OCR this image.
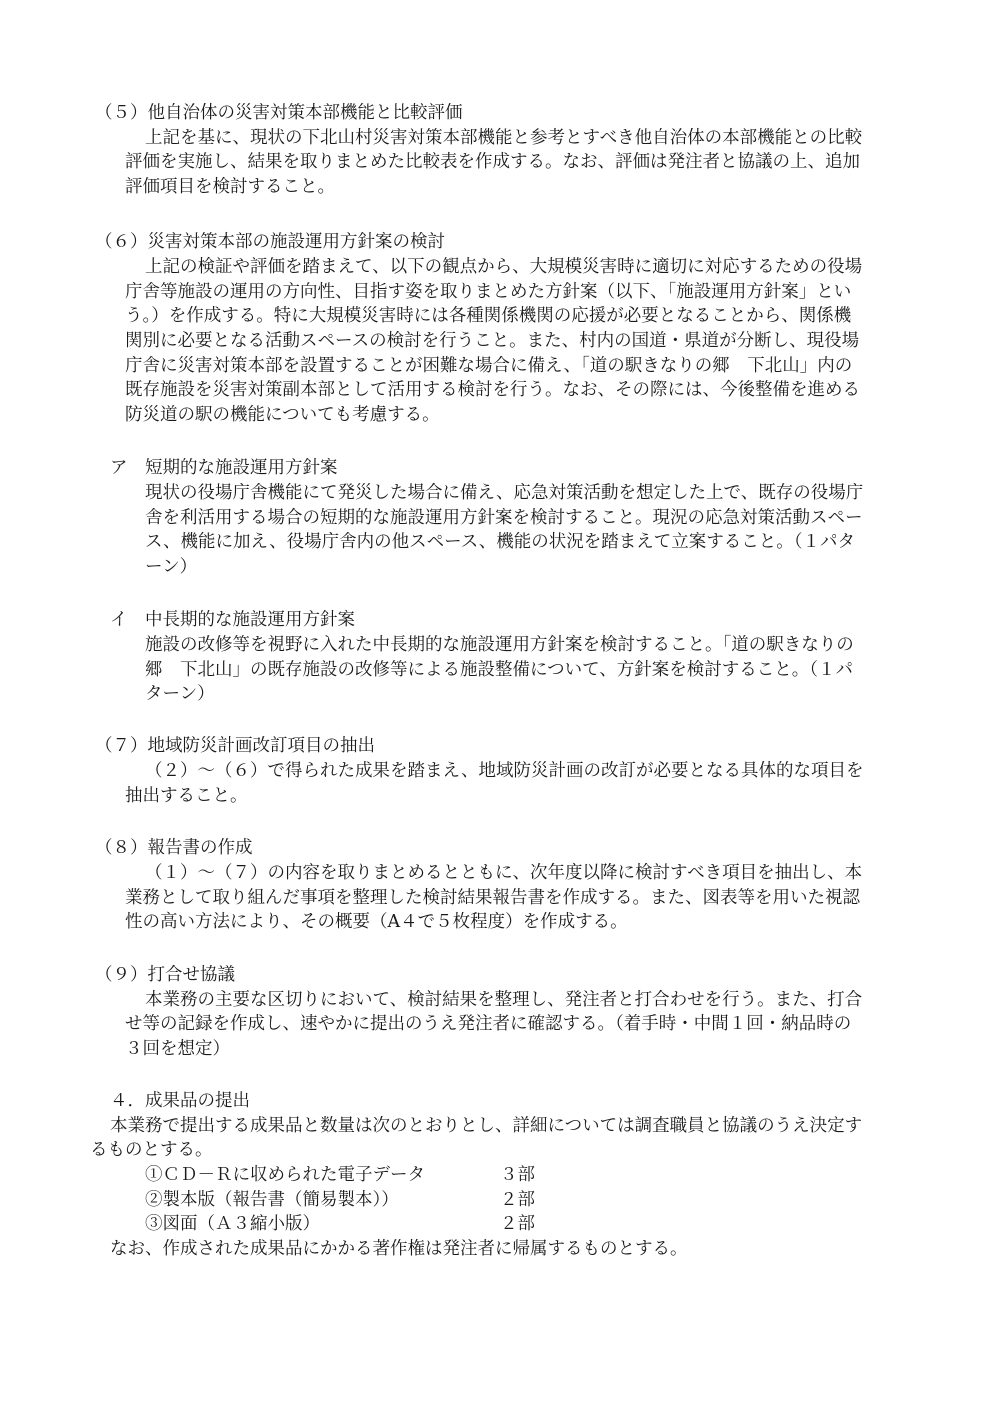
（５）他自治体の災害対策本部機能と比較評価
上記を基に、現状の下北山村災害対策本部機能と参考とすべき他自治体の本部機能との比較
評価を実施し、結果を取りまとめた比較表を作成する。なお、評価は発注者と協議の上、追加
評価項目を検討すること。
（６）災害対策本部の施設運用方針案の検討
上記の検証や評価を踏まえて、以下の観点から、大規模災害時に適切に対応するための役場
庁舎等施設の運用の方向性、目指す姿を取りまとめた方針案（以下、「施設運用方針案」とい
う。）を作成する。特に大規模災害時には各種関係機関の応援が必要となることから、関係機
関別に必要となる活動スペースの検討を行うこと。また、村内の国道・県道が分断し、現役場
庁舎に災害対策本部を設置することが困難な場合に備え、「道の駅きなりの郷　下北山」内の
既存施設を災害対策副本部として活用する検討を行う。なお、その際には、今後整備を進める
防災道の駅の機能についても考慮する。
ア　短期的な施設運用方針案
現状の役場庁舎機能にて発災した場合に備え、応急対策活動を想定した上で、既存の役場庁
舎を利活用する場合の短期的な施設運用方針案を検討すること。現況の応急対策活動スペー
ス、機能に加え、役場庁舎内の他スペース、機能の状況を踏まえて立案すること。（１パタ
ーン）
イ　中長期的な施設運用方針案
施設の改修等を視野に入れた中長期的な施設運用方針案を検討すること。「道の駅きなりの
郷　下北山」の既存施設の改修等による施設整備について、方針案を検討すること。（１パ
ターン）
（７）地域防災計画改訂項目の抽出
（２）～（６）で得られた成果を踏まえ、地域防災計画の改訂が必要となる具体的な項目を
抽出すること。
（８）報告書の作成
（１）～（７）の内容を取りまとめるとともに、次年度以降に検討すべき項目を抽出し、本
業務として取り組んだ事項を整理した検討結果報告書を作成する。また、図表等を用いた視認
性の高い方法により、その概要（A４で５枚程度）を作成する。
（９）打合せ協議
本業務の主要な区切りにおいて、検討結果を整理し、発注者と打合わせを行う。また、打合
せ等の記録を作成し、速やかに提出のうえ発注者に確認する。（着手時・中間１回・納品時の
３回を想定）
４．成果品の提出
本業務で提出する成果品と数量は次のとおりとし、詳細については調査職員と協議のうえ決定す
るものとする。
①ＣＤ－Ｒに収められた電子データ	３部
②製本版（報告書（簡易製本））	２部
③図面（Ａ３縮小版）	２部
なお、作成された成果品にかかる著作権は発注者に帰属するものとする。
